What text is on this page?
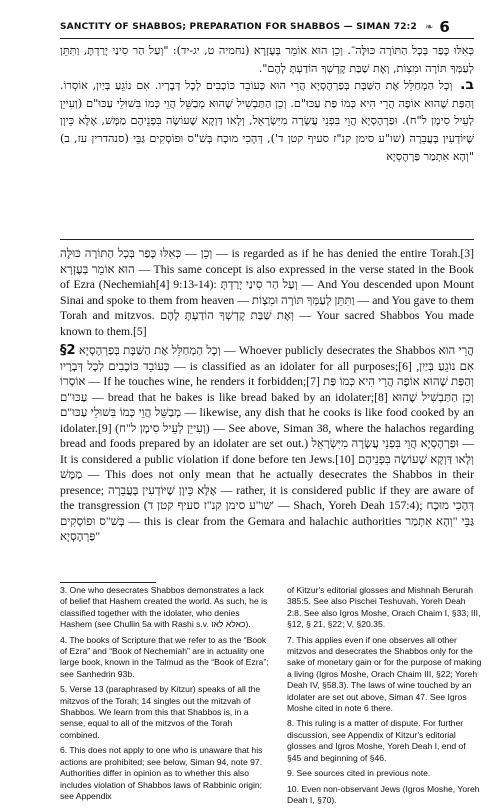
SANCTITY OF SHABBOS; PREPARATION FOR SHABBOS — SIMAN 72:2 ❧ 6

כְּאִלּוּ כָּפַר בְּכָל הַתּוֹרָה כּוּלָּה־. וְכֵן הוּא אוֹמֵר בְּעֶזְרָא (נחמיה ט, יג-יד): "וְעַל הַר סִינַי יָרַדְתָּ, וַתִּתֵּן לְעַמְּךָ תּוֹרָה וּמִצְוֹת, וְאֶת שַׁבַּת קָדְשְׁךָ הוֹדַעְתָּ לָהֶם".

ב. וְכָל הַמְחַלֵּל אֶת הַשַּׁבָּת בְּפַרְהֶסְיָא הֲרֵי הוּא כְּעוֹבֵד כּוֹכָבִים לְכָל דְּבָרָיו. אִם נוֹגֵעַ בְּיַיִן, אוֹסְרוֹ. וְהַפַּת שֶׁהוּא אוֹפֶה הֲרֵי הִיא כְּמוֹ פַּת עַכּוּ"ם. וְכֵן הַתַּבְשִׁיל שֶׁהוּא מְבַשֵּׁל הֲוֵי כְּמוֹ בִּשׁוּלֵי עַכּוּ"ם (וְעִייֵן לְעֵיל סִימָן ל"ח). וּפַרְהֶסְיָא הֲוֵי בִּפְנֵי עֲשָׂרָה מִיִּשְׂרָאֵל, וְלָאו דַּוְקָא שֶׁעוֹשֶׂה בִּפְנֵיהֶם מַמָּשׁ, אֶלָּא כֵּיוָן שֶׁיּוֹדְעִין בָּעֲבֵרָה (שו"ע סימן קנ"ז סעיף קטן ד'), דְּהָכִי מוּכָח בְּשׁ"ס וּפוֹסְקִים גַּבֵּי (סנהדרין עז, ב) "וְהָא אִתְמַר פַּרְהֶסְיָא

וְכֵן — כְּאִלּוּ כָּפַר בְּכָל הַתּוֹרָה כּוּלָּה — is regarded as if he has denied the entire Torah.[3] הוּא אוֹמֵר בְּעֶזְרָא — This same concept is also expressed in the verse stated in the Book of Ezra (Nechemiah[4] 9:13-14): וְעַל הַר סִינַי יָרַדְתָּ — And You descended upon Mount Sinai and spoke to them from heaven — וַתִּתֵּן לְעַמְּךָ תּוֹרָה וּמִצְוֹת — and You gave to them Torah and mitzvos. וְאֶת שַׁבַּת קָדְשְׁךָ הוֹדַעְתָּ לָהֶם — Your sacred Shabbos You made known to them.[5]

§2 וְכָל הַמְחַלֵּל אֶת הַשַּׁבָּת בְּפַרְהֶסְיָא — Whoever publicly desecrates the Shabbos הֲרֵי הוּא כְּעוֹבֵד כּוֹכָבִים לְכָל דְּבָרָיו — is classified as an idolater for all purposes;[6] אִם נוֹגֵעַ בְּיַיִן, אוֹסְרוֹ — If he touches wine, he renders it forbidden;[7] וְהַפַּת שֶׁהוּא אוֹפֶה הֲרֵי הִיא כְּמוֹ פַּת עַכּוּ"ם — bread that he bakes is like bread baked by an idolater;[8] וְכֵן הַתַּבְשִׁיל שֶׁהוּא מְבַשֵּׁל הֲוֵי כְּמוֹ בִּשׁוּלֵי עַכּוּ"ם — likewise, any dish that he cooks is like food cooked by an idolater.[9] (וְעִייֵן לְעֵיל סִימָן ל"ח) — See above, Siman 38, where the halachos regarding bread and foods prepared by an idolater are set out.) וּפַרְהֶסְיָא הֲוֵי בִּפְנֵי עֲשָׂרָה מִיִּשְׂרָאֵל — It is considered a public violation if done before ten Jews.[10] וְלָאו דַּוְקָא שֶׁעוֹשֶׂה בִּפְנֵיהֶם מַמָּשׁ — This does not only mean that he actually desecrates the Shabbos in their presence; אֶלָּא כֵּיוָן שֶׁיּוֹדְעִין בָּעֲבֵרָה — rather, it is considered public if they are aware of the transgression (שו"ע סימן קנ"ז סעיף קטן ד' — Shach, Yoreh Deah 157:4); דְּהָכִי מוּכָח בְּשׁ"ס וּפוֹסְקִים — this is clear from the Gemara and halachic authorities גַּבֵּי "וְהָא אִתְמַר פַּרְהֶסְיָא"

3. One who desecrates Shabbos demonstrates a lack of belief that Hashem created the world. As such, he is classified together with the idolater, who denies Hashem (see Chullin 5a with Rashi s.v. כאלא לאו).

4. The books of Scripture that we refer to as the “Book of Ezra” and “Book of Nechemiah” are in actuality one large book, known in the Talmud as the “Book of Ezra”; see Sanhedrin 93b.

5. Verse 13 (paraphrased by Kitzur) speaks of all the mitzvos of the Torah; 14 singles out the mitzvah of Shabbos. We learn from this that Shabbos is, in a sense, equal to all of the mitzvos of the Torah combined.

6. This does not apply to one who is unaware that his actions are prohibited; see below, Siman 94, note 97. Authorities differ in opinion as to whether this also includes violation of Shabbos laws of Rabbinic origin; see Appendix

of Kitzur's editorial glosses and Mishnah Berurah 385:5. See also Pischei Teshuvah, Yoreh Deah 2:8. See also Igros Moshe, Orach Chaim I, §33; III, §12, § 21, §22; V, §20.35.

7. This applies even if one observes all other mitzvos and desecrates the Shabbos only for the sake of monetary gain or for the purpose of making a living (Igros Moshe, Orach Chaim III, §22; Yoreh Deah IV, §58.3). The laws of wine touched by an idolater are set out above, Siman 47. See Igros Moshe cited in note 6 there.

8. This ruling is a matter of dispute. For further discussion, see Appendix of Kitzur's editorial glosses and Igros Moshe, Yoreh Deah I, end of §45 and beginning of §46.

9. See sources cited in previous note.

10. Even non-observant Jews (Igros Moshe, Yoreh Deah I, §70).
